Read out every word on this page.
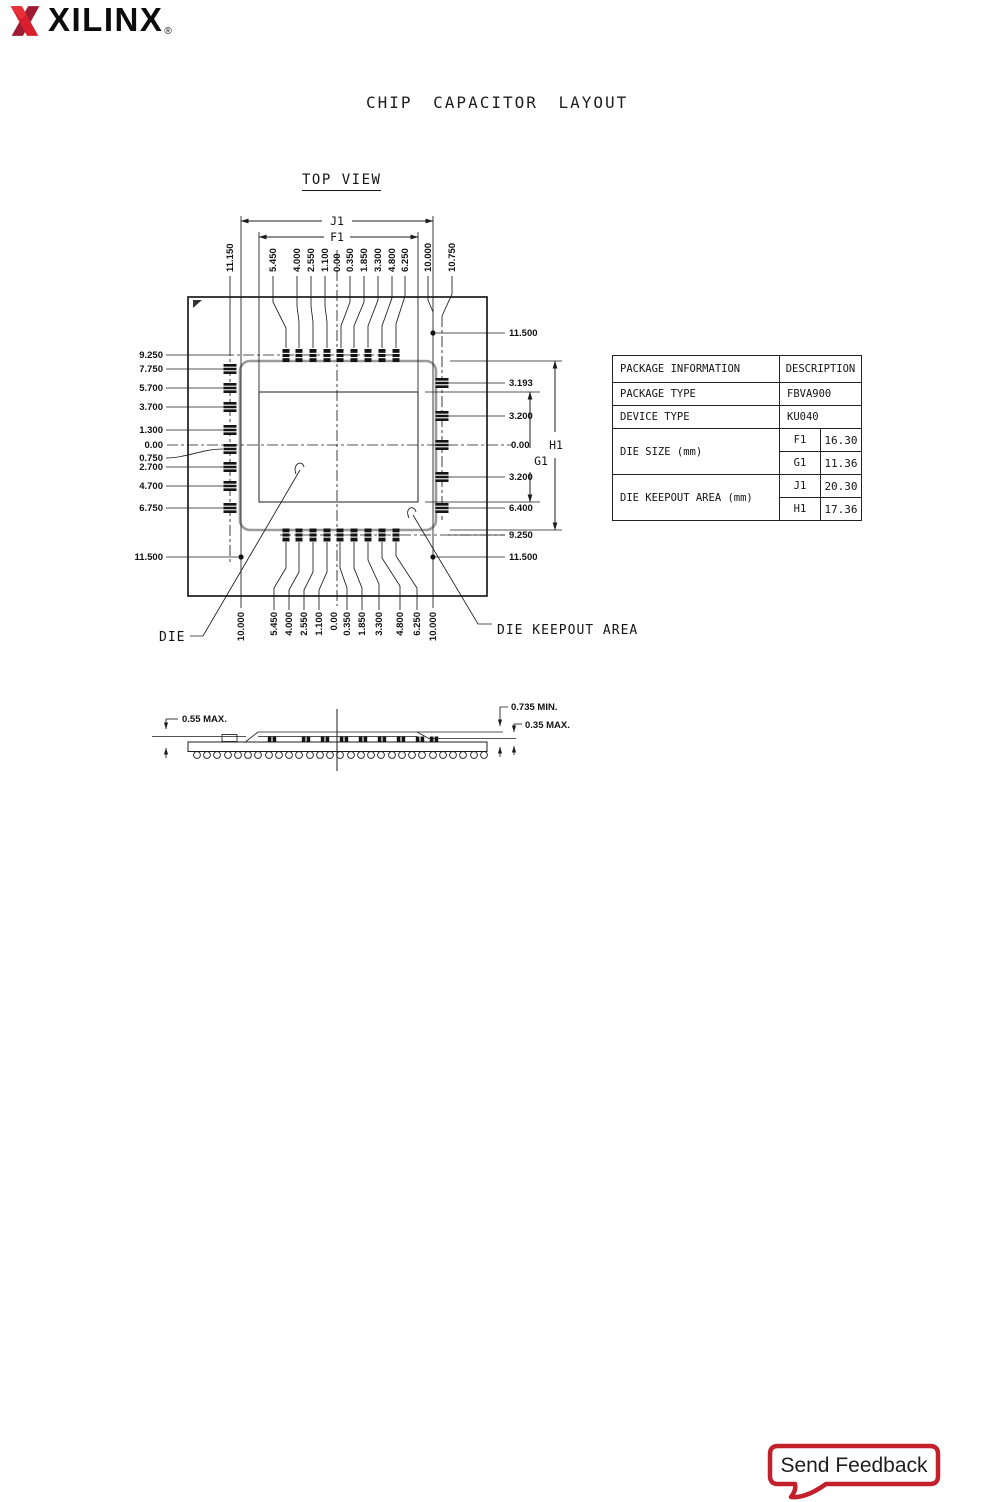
XILINX ®
CHIP CAPACITOR LAYOUT
TOP VIEW
J1
F1
H1
G1
DIE	DIE KEEPOUT AREA
11.150	5.450 4.000 2.550 1.100 0.00 0.350 1.850 3.300 4.800 6.250 10.000 10.750
10.000 5.450 4.000 2.550 1.100 0.00 0.350 1.850 3.300 4.800 6.250 10.000
9.250
7.750
5.700
3.700
1.300
0.00
0.750
2.700
4.700
6.750
11.500
11.500
3.193
3.200
0.00
3.200
6.400
9.250
11.500
0.55 MAX.
0.735 MIN.
0.35 MAX.
PACKAGE INFORMATION	DESCRIPTION	
PACKAGE TYPE	FBVA900	
DEVICE TYPE	KU040	
DIE SIZE (mm)	F1	16.30
	G1	11.36
DIE KEEPOUT AREA (mm)	J1	20.30
	H1	17.36
Send Feedback
